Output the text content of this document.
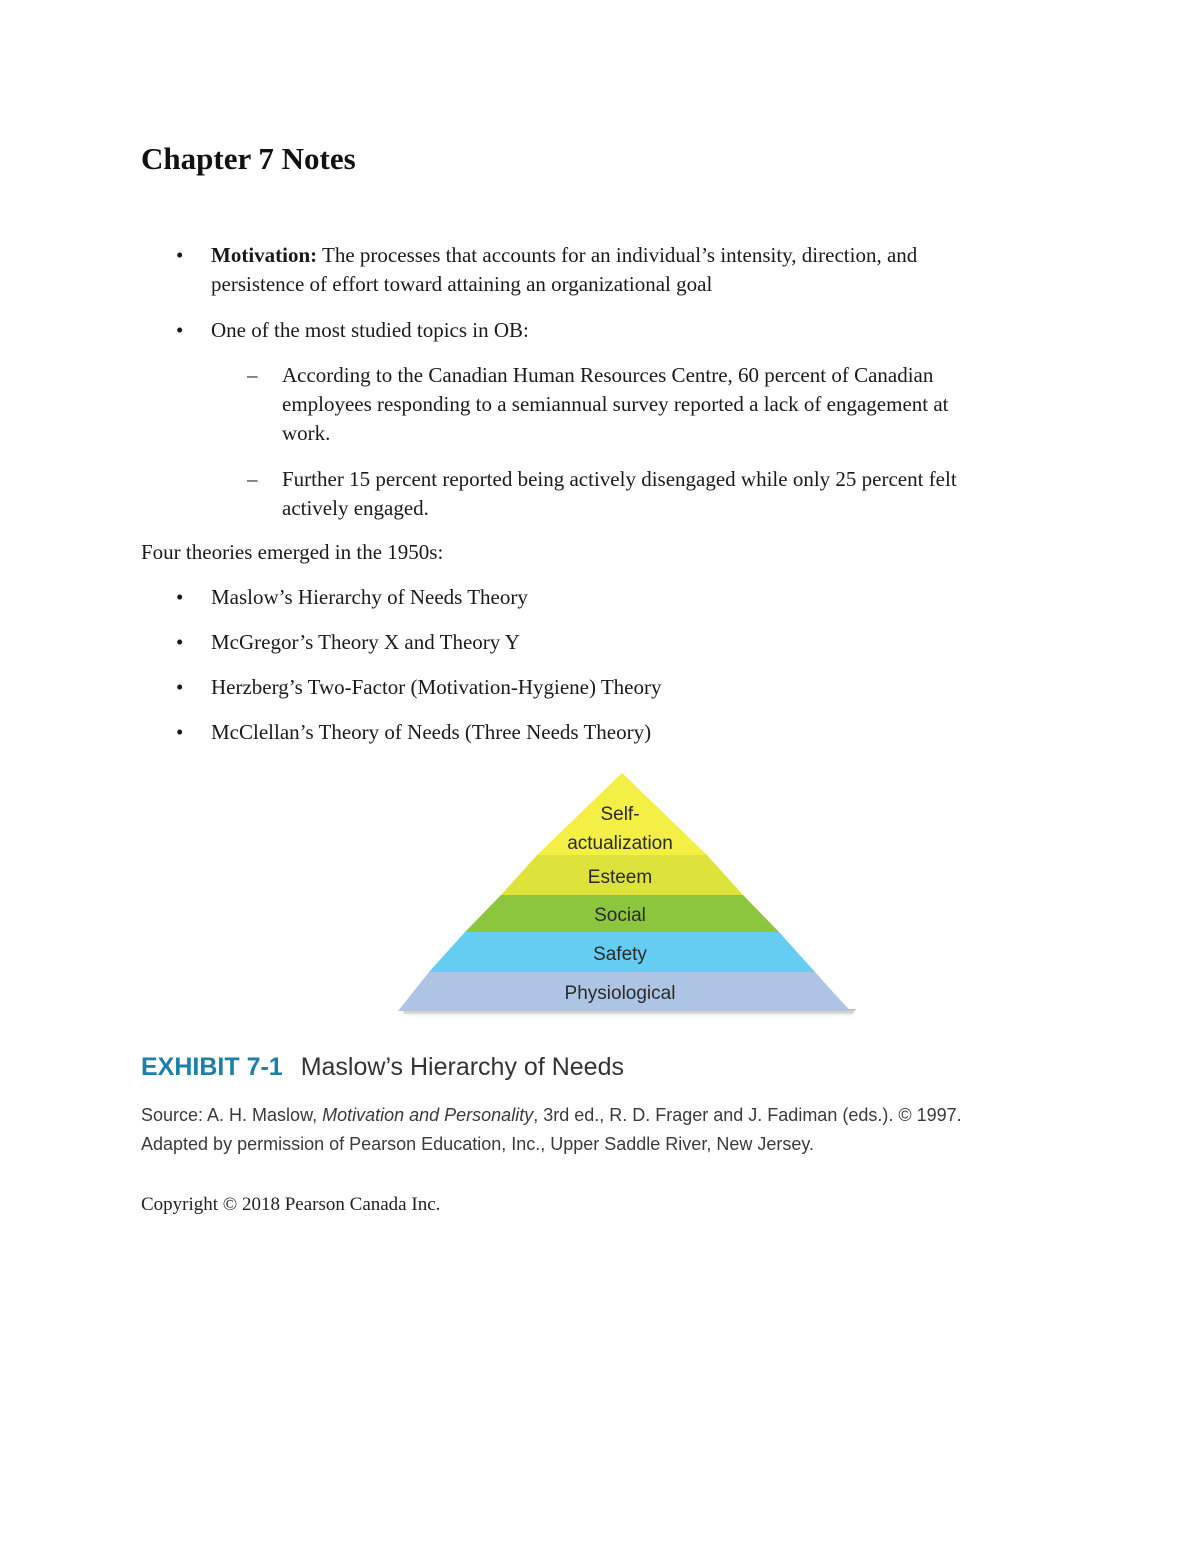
Chapter 7 Notes
• Motivation: The processes that accounts for an individual’s intensity, direction, and
persistence of effort toward attaining an organizational goal
• One of the most studied topics in OB:
– According to the Canadian Human Resources Centre, 60 percent of Canadian
employees responding to a semiannual survey reported a lack of engagement at
work.
– Further 15 percent reported being actively disengaged while only 25 percent felt
actively engaged.
Four theories emerged in the 1950s:
• Maslow’s Hierarchy of Needs Theory
• McGregor’s Theory X and Theory Y
• Herzberg’s Two-Factor (Motivation-Hygiene) Theory
• McClellan’s Theory of Needs (Three Needs Theory)
Self-
actualization
Esteem
Social
Safety
Physiological
EXHIBIT 7-1 Maslow’s Hierarchy of Needs
Source: A. H. Maslow, Motivation and Personality, 3rd ed., R. D. Frager and J. Fadiman (eds.). © 1997.
Adapted by permission of Pearson Education, Inc., Upper Saddle River, New Jersey.
Copyright © 2018 Pearson Canada Inc.
